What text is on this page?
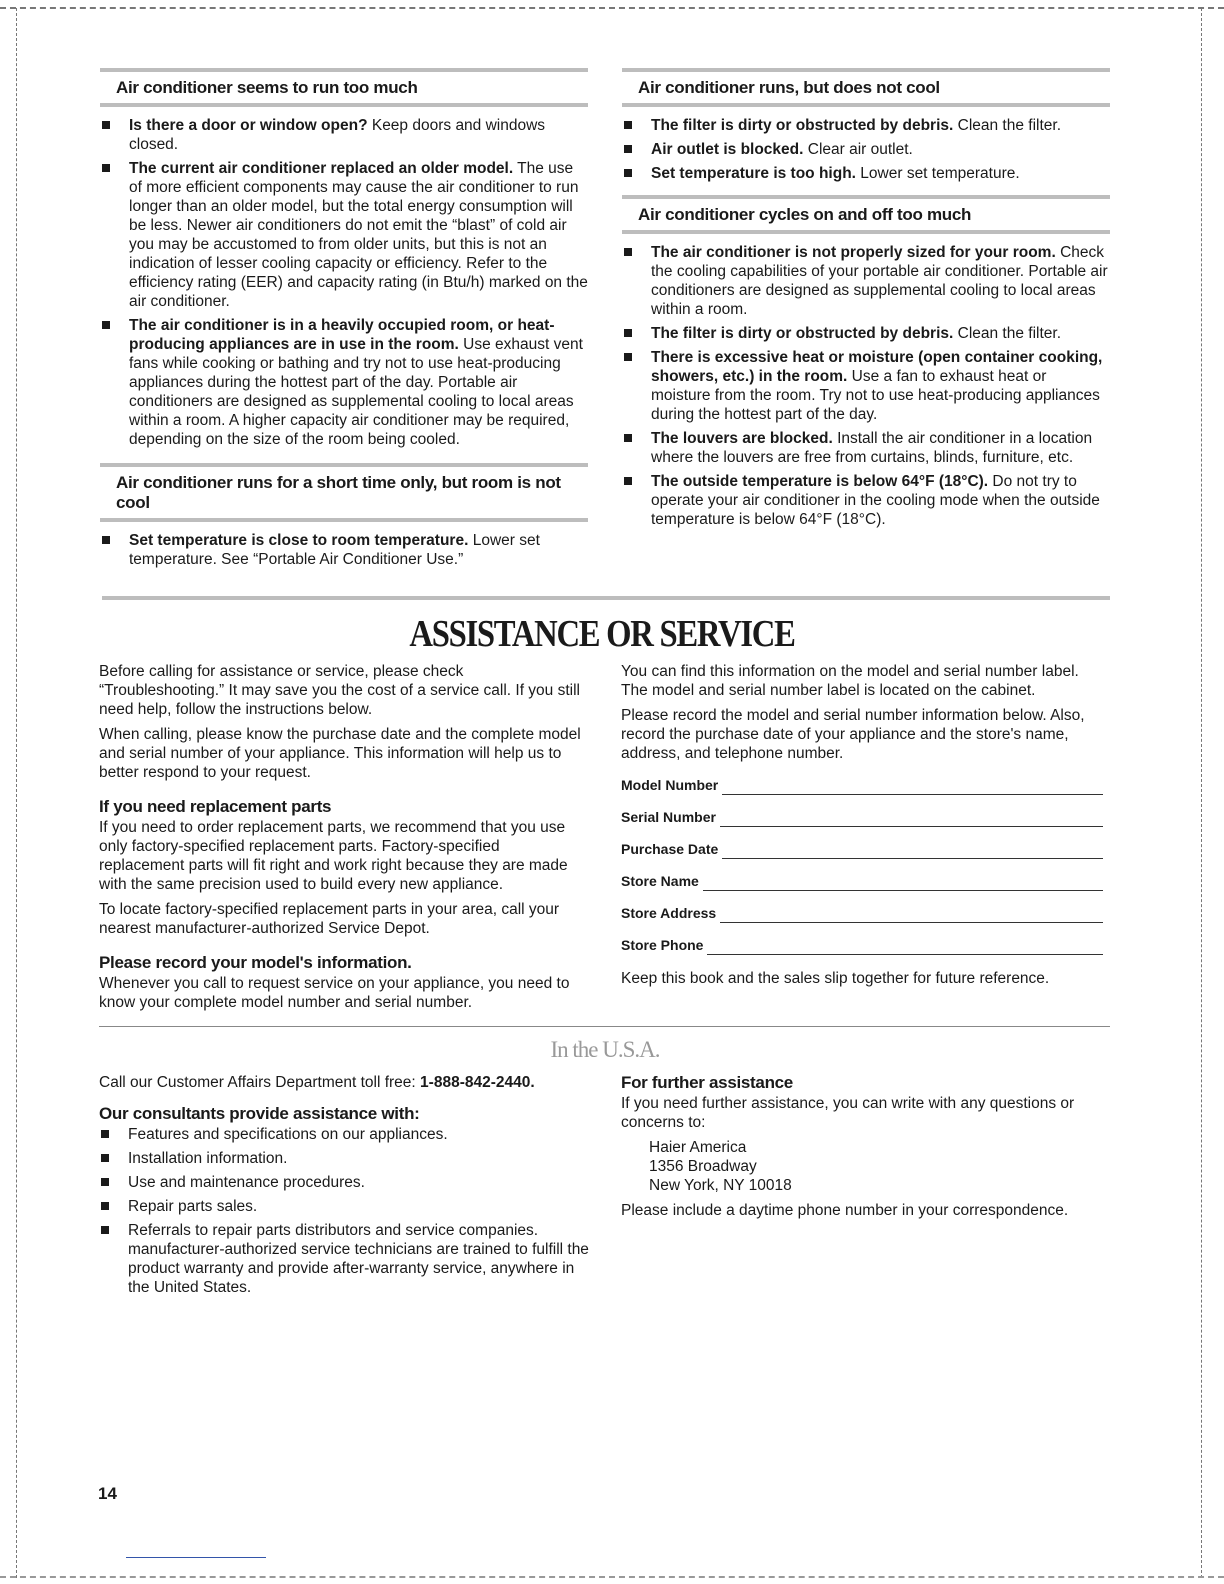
Air conditioner seems to run too much
Is there a door or window open? Keep doors and windows closed.
The current air conditioner replaced an older model. The use of more efficient components may cause the air conditioner to run longer than an older model, but the total energy consumption will be less. Newer air conditioners do not emit the “blast” of cold air you may be accustomed to from older units, but this is not an indication of lesser cooling capacity or efficiency. Refer to the efficiency rating (EER) and capacity rating (in Btu/h) marked on the air conditioner.
The air conditioner is in a heavily occupied room, or heat-producing appliances are in use in the room. Use exhaust vent fans while cooking or bathing and try not to use heat-producing appliances during the hottest part of the day. Portable air conditioners are designed as supplemental cooling to local areas within a room. A higher capacity air conditioner may be required, depending on the size of the room being cooled.
Air conditioner runs for a short time only, but room is not cool
Set temperature is close to room temperature. Lower set temperature. See “Portable Air Conditioner Use.”
Air conditioner runs, but does not cool
The filter is dirty or obstructed by debris. Clean the filter.
Air outlet is blocked. Clear air outlet.
Set temperature is too high. Lower set temperature.
Air conditioner cycles on and off too much
The air conditioner is not properly sized for your room. Check the cooling capabilities of your portable air conditioner. Portable air conditioners are designed as supplemental cooling to local areas within a room.
The filter is dirty or obstructed by debris. Clean the filter.
There is excessive heat or moisture (open container cooking, showers, etc.) in the room. Use a fan to exhaust heat or moisture from the room. Try not to use heat-producing appliances during the hottest part of the day.
The louvers are blocked. Install the air conditioner in a location where the louvers are free from curtains, blinds, furniture, etc.
The outside temperature is below 64°F (18°C). Do not try to operate your air conditioner in the cooling mode when the outside temperature is below 64°F (18°C).
ASSISTANCE OR SERVICE

Before calling for assistance or service, please check “Troubleshooting.” It may save you the cost of a service call. If you still need help, follow the instructions below.

When calling, please know the purchase date and the complete model and serial number of your appliance. This information will help us to better respond to your request.

If you need replacement parts

If you need to order replacement parts, we recommend that you use only factory-specified replacement parts. Factory-specified replacement parts will fit right and work right because they are made with the same precision used to build every new appliance.

To locate factory-specified replacement parts in your area, call your nearest manufacturer-authorized Service Depot.

Please record your model's information.

Whenever you call to request service on your appliance, you need to know your complete model number and serial number.

You can find this information on the model and serial number label. The model and serial number label is located on the cabinet.

Please record the model and serial number information below. Also, record the purchase date of your appliance and the store's name, address, and telephone number.

Model Number
Serial Number
Purchase Date
Store Name
Store Address
Store Phone

Keep this book and the sales slip together for future reference.

In the U.S.A.

Call our Customer Affairs Department toll free: 1-888-842-2440.

Our consultants provide assistance with:
Features and specifications on our appliances.
Installation information.
Use and maintenance procedures.
Repair parts sales.
Referrals to repair parts distributors and service companies. manufacturer-authorized service technicians are trained to fulfill the product warranty and provide after-warranty service, anywhere in the United States.
For further assistance

If you need further assistance, you can write with any questions or concerns to:

Haier America
1356 Broadway
New York, NY 10018

Please include a daytime phone number in your correspondence.

14
